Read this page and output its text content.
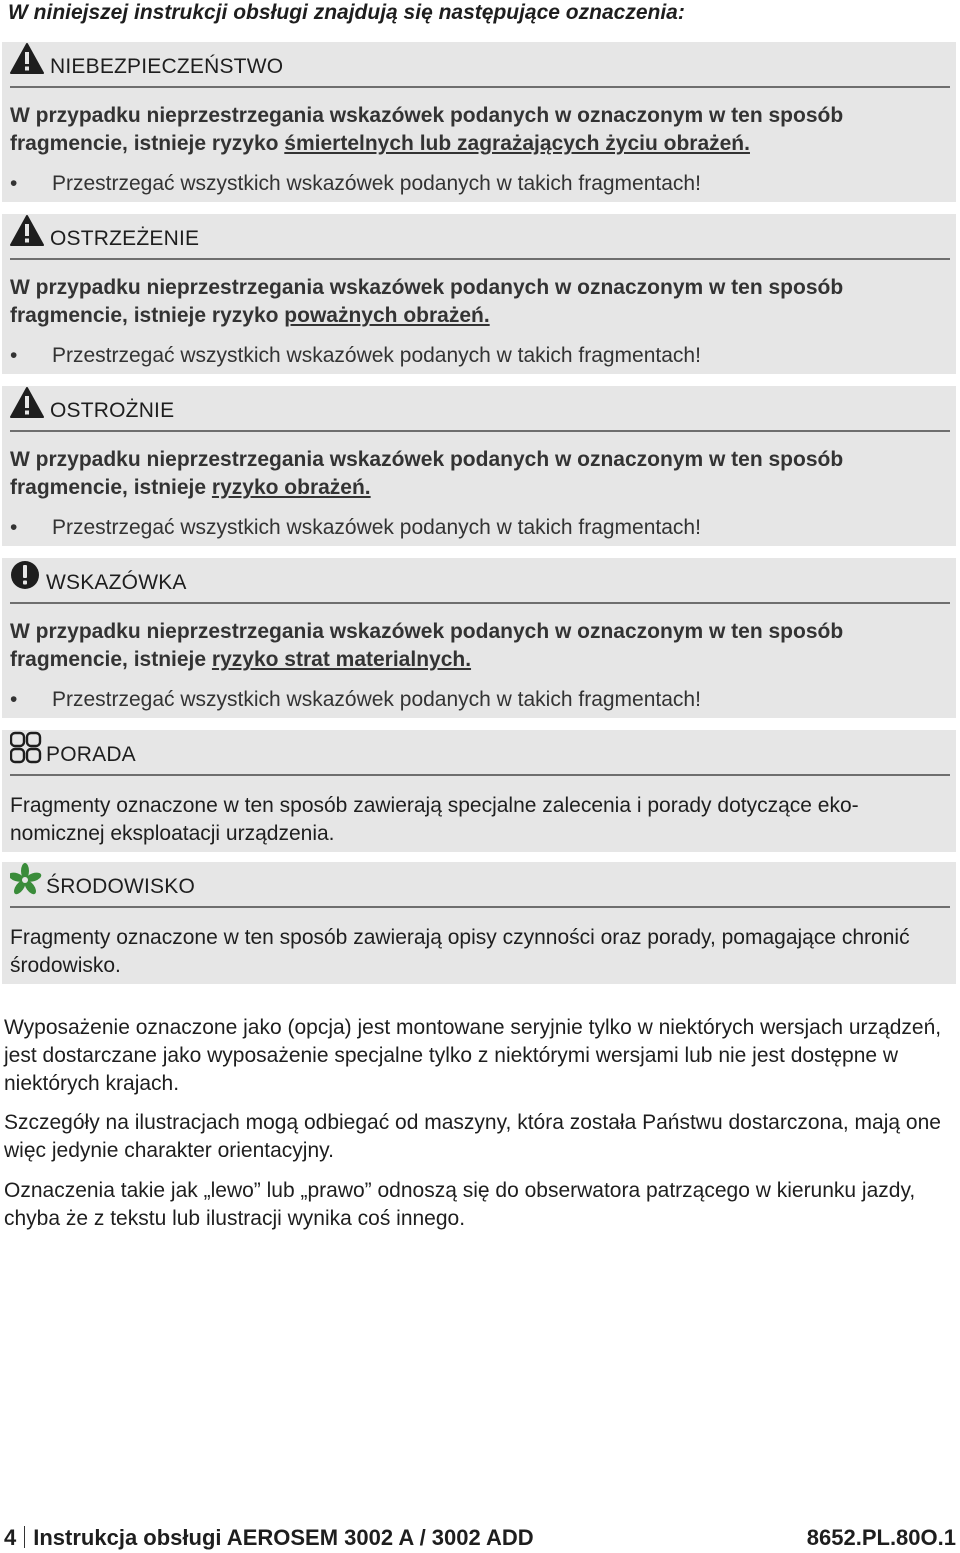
W niniejszej instrukcji obsługi znajdują się następujące oznaczenia:
NIEBEZPIECZEŃSTWO
W przypadku nieprzestrzegania wskazówek podanych w oznaczonym w ten sposób fragmencie, istnieje ryzyko śmiertelnych lub zagrażających życiu obrażeń.
• Przestrzegać wszystkich wskazówek podanych w takich fragmentach!
OSTRZEŻENIE
W przypadku nieprzestrzegania wskazówek podanych w oznaczonym w ten sposób fragmencie, istnieje ryzyko poważnych obrażeń.
• Przestrzegać wszystkich wskazówek podanych w takich fragmentach!
OSTROŻNIE
W przypadku nieprzestrzegania wskazówek podanych w oznaczonym w ten sposób fragmencie, istnieje ryzyko obrażeń.
• Przestrzegać wszystkich wskazówek podanych w takich fragmentach!
WSKAZÓWKA
W przypadku nieprzestrzegania wskazówek podanych w oznaczonym w ten sposób fragmencie, istnieje ryzyko strat materialnych.
• Przestrzegać wszystkich wskazówek podanych w takich fragmentach!
PORADA
Fragmenty oznaczone w ten sposób zawierają specjalne zalecenia i porady dotyczące eko-nomicznej eksploatacji urządzenia.
ŚRODOWISKO
Fragmenty oznaczone w ten sposób zawierają opisy czynności oraz porady, pomagające chronić środowisko.
Wyposażenie oznaczone jako (opcja) jest montowane seryjnie tylko w niektórych wersjach urządzeń, jest dostarczane jako wyposażenie specjalne tylko z niektórymi wersjami lub nie jest dostępne w niektórych krajach.
Szczegóły na ilustracjach mogą odbiegać od maszyny, która została Państwu dostarczona, mają one więc jedynie charakter orientacyjny.
Oznaczenia takie jak „lewo” lub „prawo” odnoszą się do obserwatora patrzącego w kierunku jazdy, chyba że z tekstu lub ilustracji wynika coś innego.
4 Instrukcja obsługi AEROSEM 3002 A / 3002 ADD	8652.PL.80O.1
